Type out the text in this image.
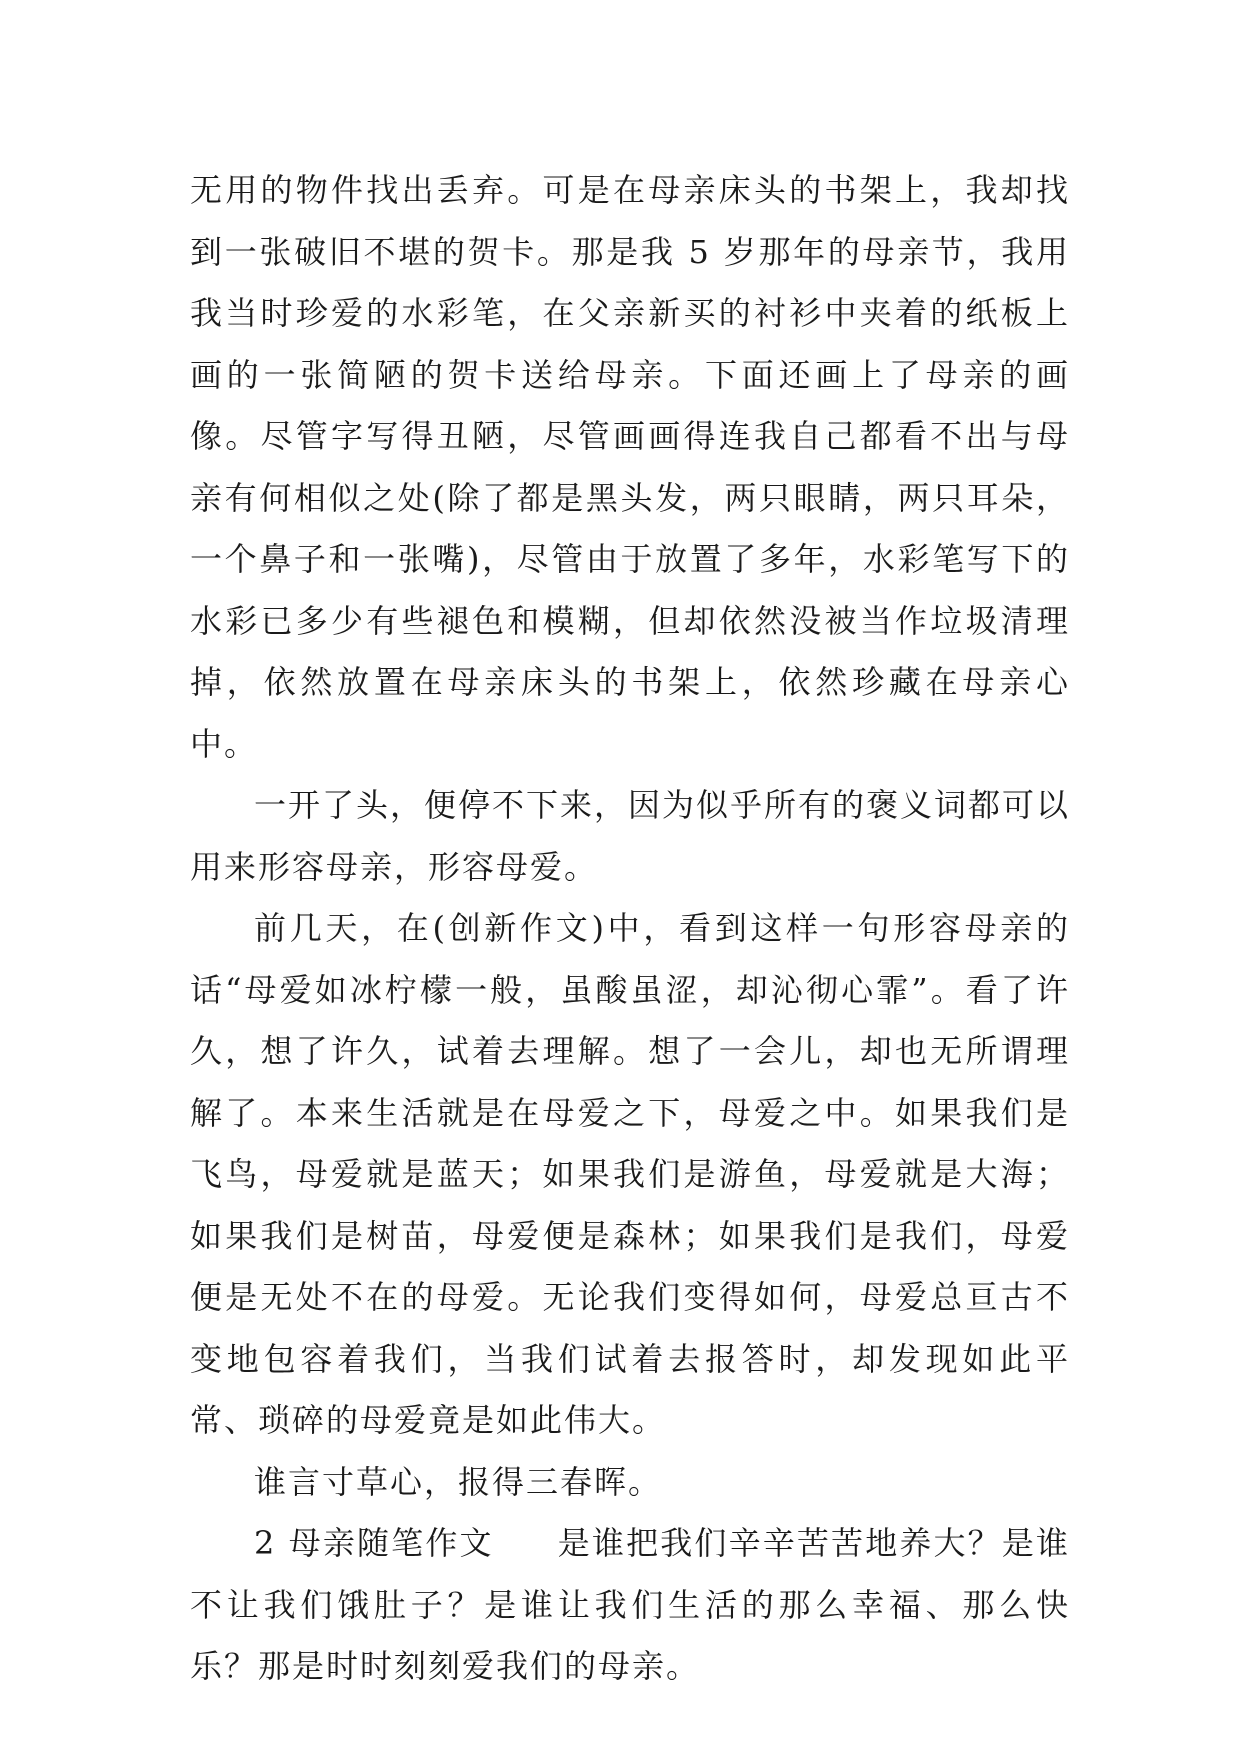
无用的物件找出丢弃。可是在母亲床头的书架上，我却找到一张破旧不堪的贺卡。那是我 5 岁那年的母亲节，我用我当时珍爱的水彩笔，在父亲新买的衬衫中夹着的纸板上画的一张简陋的贺卡送给母亲。下面还画上了母亲的画像。尽管字写得丑陋，尽管画画得连我自己都看不出与母亲有何相似之处(除了都是黑头发，两只眼睛，两只耳朵，一个鼻子和一张嘴)，尽管由于放置了多年，水彩笔写下的水彩已多少有些褪色和模糊，但却依然没被当作垃圾清理掉，依然放置在母亲床头的书架上，依然珍藏在母亲心中。

一开了头，便停不下来，因为似乎所有的褒义词都可以用来形容母亲，形容母爱。

前几天，在(创新作文)中，看到这样一句形容母亲的话“母爱如冰柠檬一般，虽酸虽涩，却沁彻心霏”。看了许久，想了许久，试着去理解。想了一会儿，却也无所谓理解了。本来生活就是在母爱之下，母爱之中。如果我们是飞鸟，母爱就是蓝天；如果我们是游鱼，母爱就是大海；如果我们是树苗，母爱便是森林；如果我们是我们，母爱便是无处不在的母爱。无论我们变得如何，母爱总亘古不变地包容着我们，当我们试着去报答时，却发现如此平常、琐碎的母爱竟是如此伟大。

谁言寸草心，报得三春晖。

2 母亲随笔作文 是谁把我们辛辛苦苦地养大？是谁不让我们饿肚子？是谁让我们生活的那么幸福、那么快乐？那是时时刻刻爱我们的母亲。
